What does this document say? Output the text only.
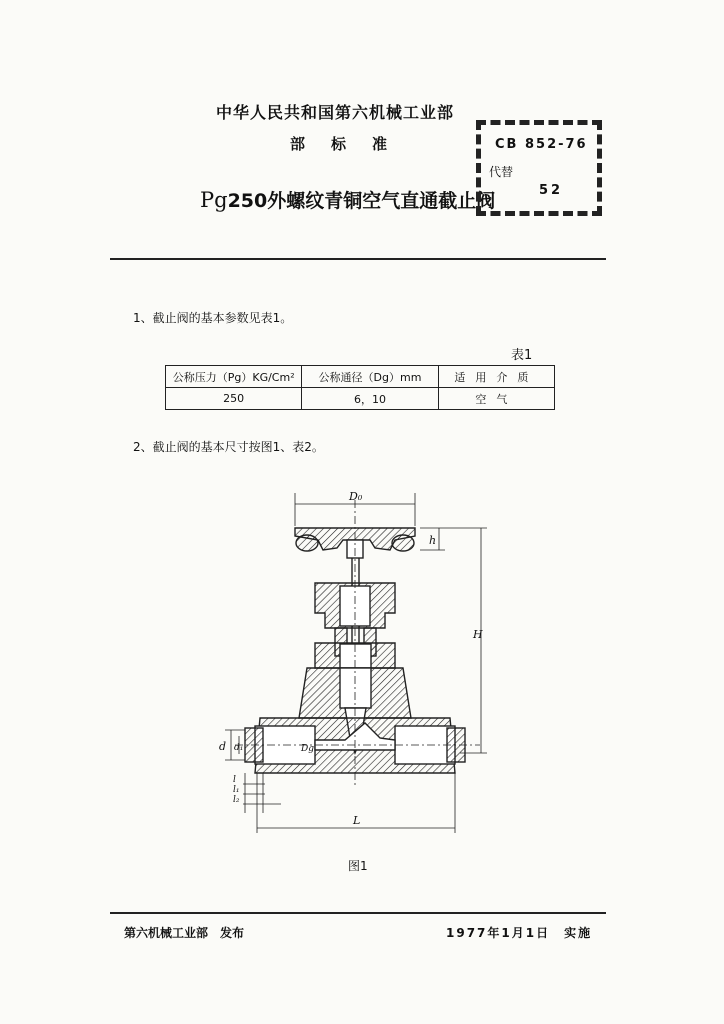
中华人民共和国第六机械工业部
部标准
Pg250外螺纹青铜空气直通截止阀
CB 852-76
代替
52
1、截止阀的基本参数见表1。
表1
公称压力（Pg）KG/Cm²	公称通径（Dg）mm	适用介质
250	6，10	空气
2、截止阀的基本尺寸按图1、表2。
D₀
H
h
L
d d₁	Dg
l
l₁
l₂
图1
第六机械工业部　发布	1977年1月1日　实施
